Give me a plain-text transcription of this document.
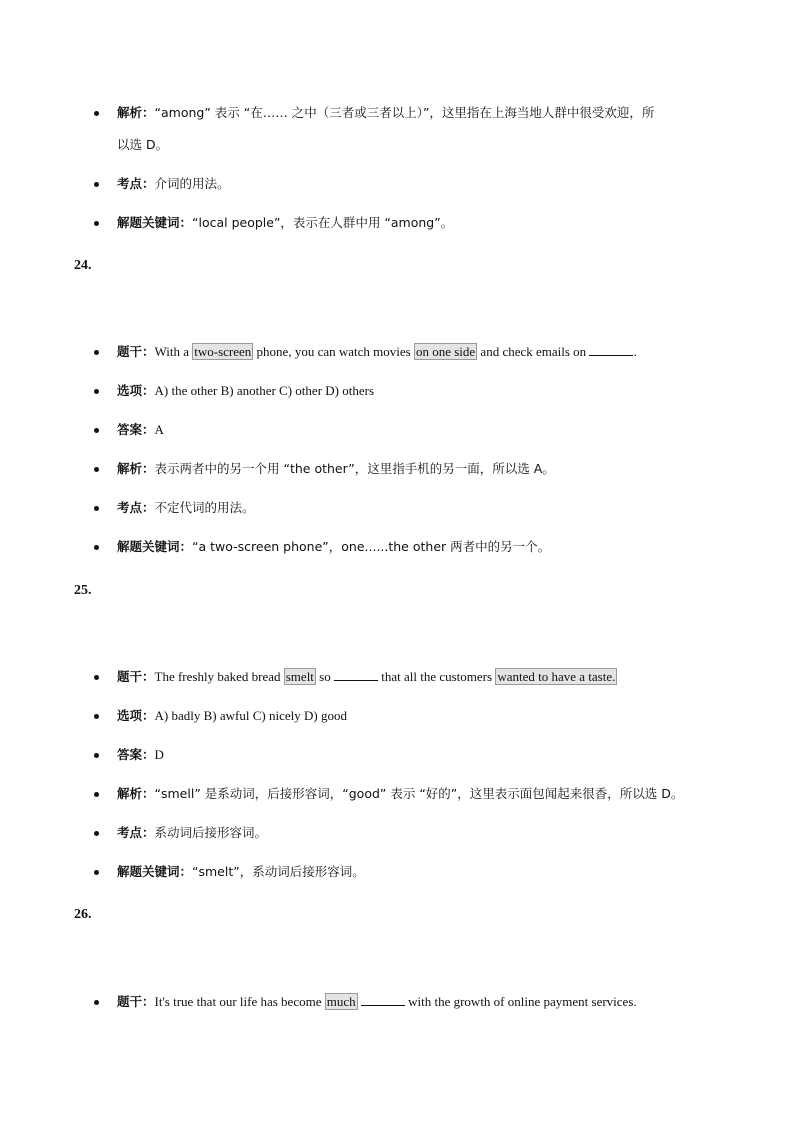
解析：“among” 表示 “在…… 之中（三者或三者以上）”，这里指在上海当地人群中很受欢迎，所
以选 D。
考点：介词的用法。
解题关键词：“local people”，表示在人群中用 “among”。
24.
题干：With a two-screen phone, you can watch movies on one side and check emails on	.
选项：A) the other B) another C) other D) others
答案：A
解析：表示两者中的另一个用 “the other”，这里指手机的另一面，所以选 A。
考点：不定代词的用法。
解题关键词：“a two-screen phone”，one......the other 两者中的另一个。
25.
题干：The freshly baked bread smelt so	that all the customers wanted to have a taste.
选项：A) badly B) awful C) nicely D) good
答案：D
解析：“smell” 是系动词，后接形容词，“good” 表示 “好的”，这里表示面包闻起来很香，所以选 D。
考点：系动词后接形容词。
解题关键词：“smelt”，系动词后接形容词。
26.
题干：It's true that our life has become much	with the growth of online payment services.
